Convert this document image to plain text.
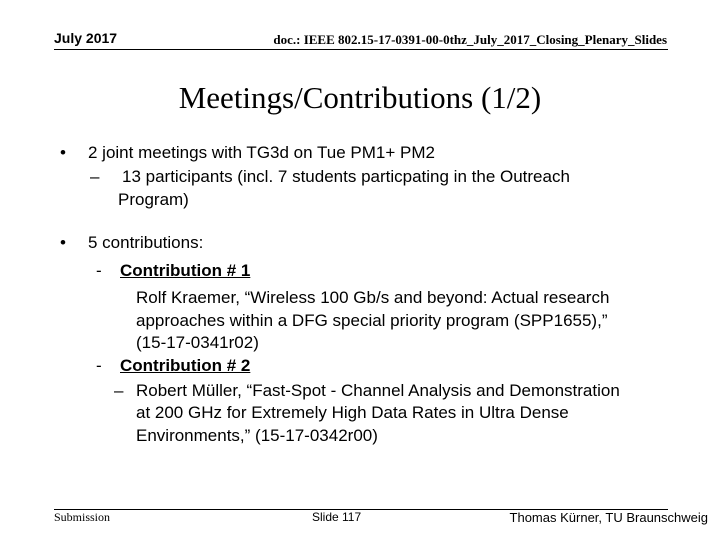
July 2017	doc.: IEEE 802.15-17-0391-00-0thz_July_2017_Closing_Plenary_Slides
Meetings/Contributions (1/2)
• 2 joint meetings with TG3d on Tue PM1+ PM2
– 13 participants (incl. 7 students particpating in the Outreach
Program)
• 5 contributions:
- Contribution # 1
Rolf Kraemer, “Wireless 100 Gb/s and beyond: Actual research
approaches within a DFG special priority program (SPP1655),”
(15-17-0341r02)
- Contribution # 2
– Robert Müller, “Fast-Spot - Channel Analysis and Demonstration
at 200 GHz for Extremely High Data Rates in Ultra Dense
Environments,” (15-17-0342r00)
Submission	Slide 117	Thomas Kürner, TU Braunschweig
